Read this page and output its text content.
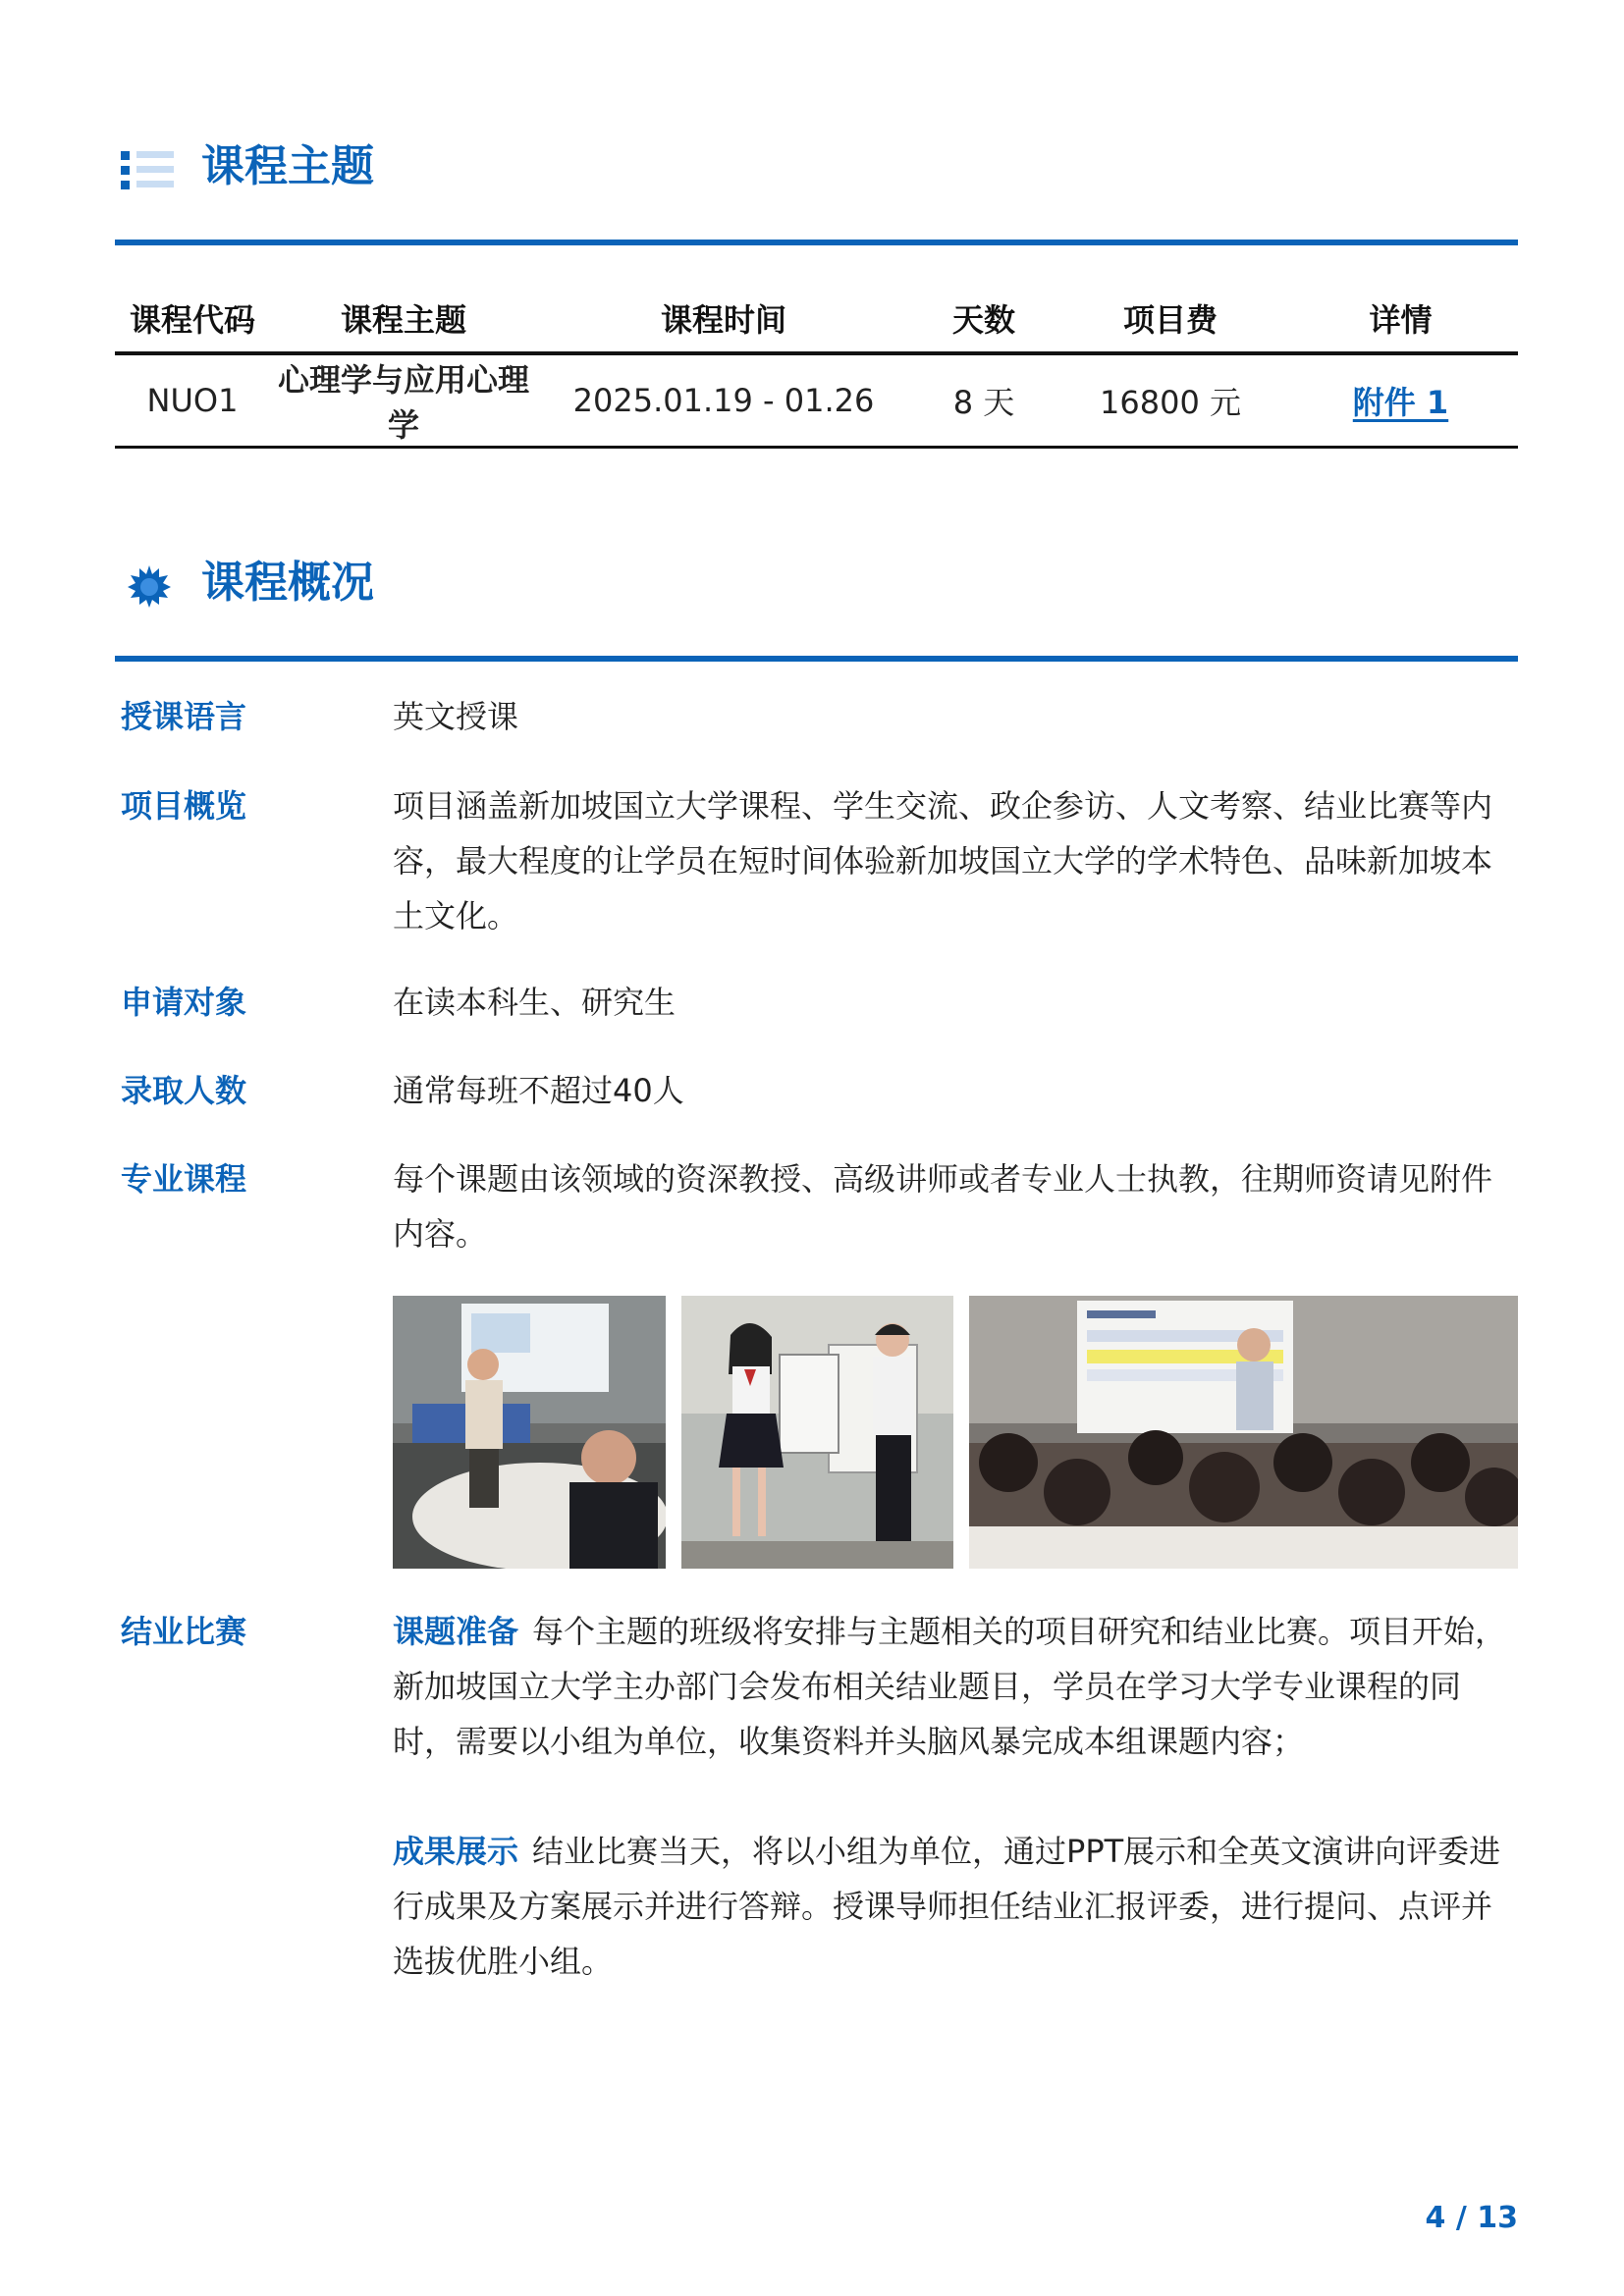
课程主题
课程代码	课程主题	课程时间	天数	项目费	详情
NUO1	心理学与应用心理学	2025.01.19 - 01.26	8 天	16800 元	附件 1
课程概况
授课语言	英文授课
项目概览	项目涵盖新加坡国立大学课程、学生交流、政企参访、人文考察、结业比赛等内容，最大程度的让学员在短时间体验新加坡国立大学的学术特色、品味新加坡本土文化。
申请对象	在读本科生、研究生
录取人数	通常每班不超过40人
专业课程	每个课题由该领域的资深教授、高级讲师或者专业人士执教，往期师资请见附件内容。
结业比赛	课题准备 每个主题的班级将安排与主题相关的项目研究和结业比赛。项目开始，新加坡国立大学主办部门会发布相关结业题目，学员在学习大学专业课程的同时，需要以小组为单位，收集资料并头脑风暴完成本组课题内容；
成果展示 结业比赛当天，将以小组为单位，通过PPT展示和全英文演讲向评委进行成果及方案展示并进行答辩。授课导师担任结业汇报评委，进行提问、点评并选拔优胜小组。
4 / 13
